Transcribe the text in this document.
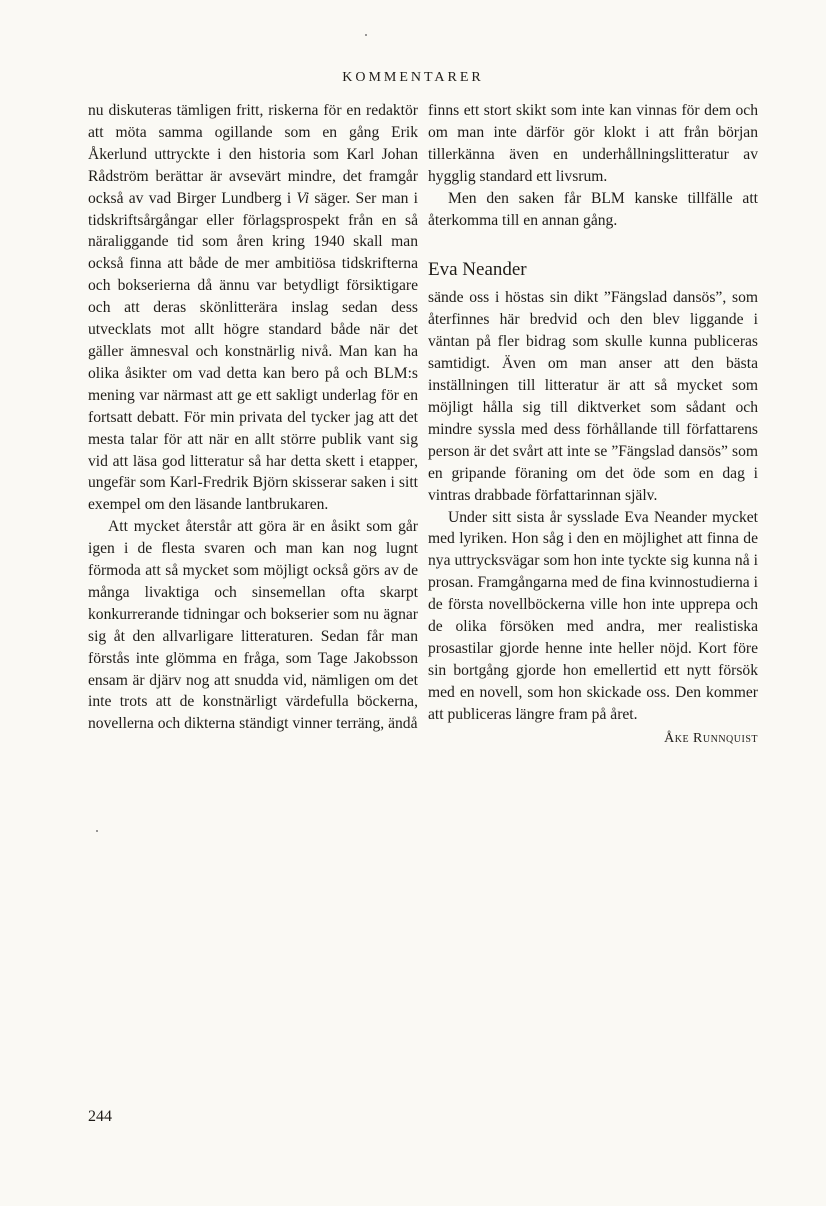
KOMMENTARER

nu diskuteras tämligen fritt, riskerna för en redaktör att möta samma ogillande som en gång Erik Åkerlund uttryckte i den historia som Karl Johan Rådström berättar är avsevärt mindre, det framgår också av vad Birger Lundberg i Vi säger. Ser man i tidskriftsårgångar eller förlagsprospekt från en så näraliggande tid som åren kring 1940 skall man också finna att både de mer ambitiösa tidskrifterna och bokserierna då ännu var betydligt försiktigare och att deras skönlitterära inslag sedan dess utvecklats mot allt högre standard både när det gäller ämnesval och konstnärlig nivå. Man kan ha olika åsikter om vad detta kan bero på och BLM:s mening var närmast att ge ett sakligt underlag för en fortsatt debatt. För min privata del tycker jag att det mesta talar för att när en allt större publik vant sig vid att läsa god litteratur så har detta skett i etapper, ungefär som Karl-Fredrik Björn skisserar saken i sitt exempel om den läsande lantbrukaren.

Att mycket återstår att göra är en åsikt som går igen i de flesta svaren och man kan nog lugnt förmoda att så mycket som möjligt också görs av de många livaktiga och sinsemellan ofta skarpt konkurrerande tidningar och bokserier som nu ägnar sig åt den allvarligare litteraturen. Sedan får man förstås inte glömma en fråga, som Tage Jakobsson ensam är djärv nog att snudda vid, nämligen om det inte trots att de konstnärligt värdefulla böckerna, novellerna och dikterna ständigt vinner terräng, ändå

finns ett stort skikt som inte kan vinnas för dem och om man inte därför gör klokt i att från början tillerkänna även en underhållningslitteratur av hygglig standard ett livsrum.

Men den saken får BLM kanske tillfälle att återkomma till en annan gång.

Eva Neander

sände oss i höstas sin dikt ”Fängslad dansös”, som återfinnes här bredvid och den blev liggande i väntan på fler bidrag som skulle kunna publiceras samtidigt. Även om man anser att den bästa inställningen till litteratur är att så mycket som möjligt hålla sig till diktverket som sådant och mindre syssla med dess förhållande till författarens person är det svårt att inte se ”Fängslad dansös” som en gripande föraning om det öde som en dag i vintras drabbade författarinnan själv.

Under sitt sista år sysslade Eva Neander mycket med lyriken. Hon såg i den en möjlighet att finna de nya uttrycksvägar som hon inte tyckte sig kunna nå i prosan. Framgångarna med de fina kvinnostudierna i de första novellböckerna ville hon inte upprepa och de olika försöken med andra, mer realistiska prosastilar gjorde henne inte heller nöjd. Kort före sin bortgång gjorde hon emellertid ett nytt försök med en novell, som hon skickade oss. Den kommer att publiceras längre fram på året.

Åke Runnquist
244
